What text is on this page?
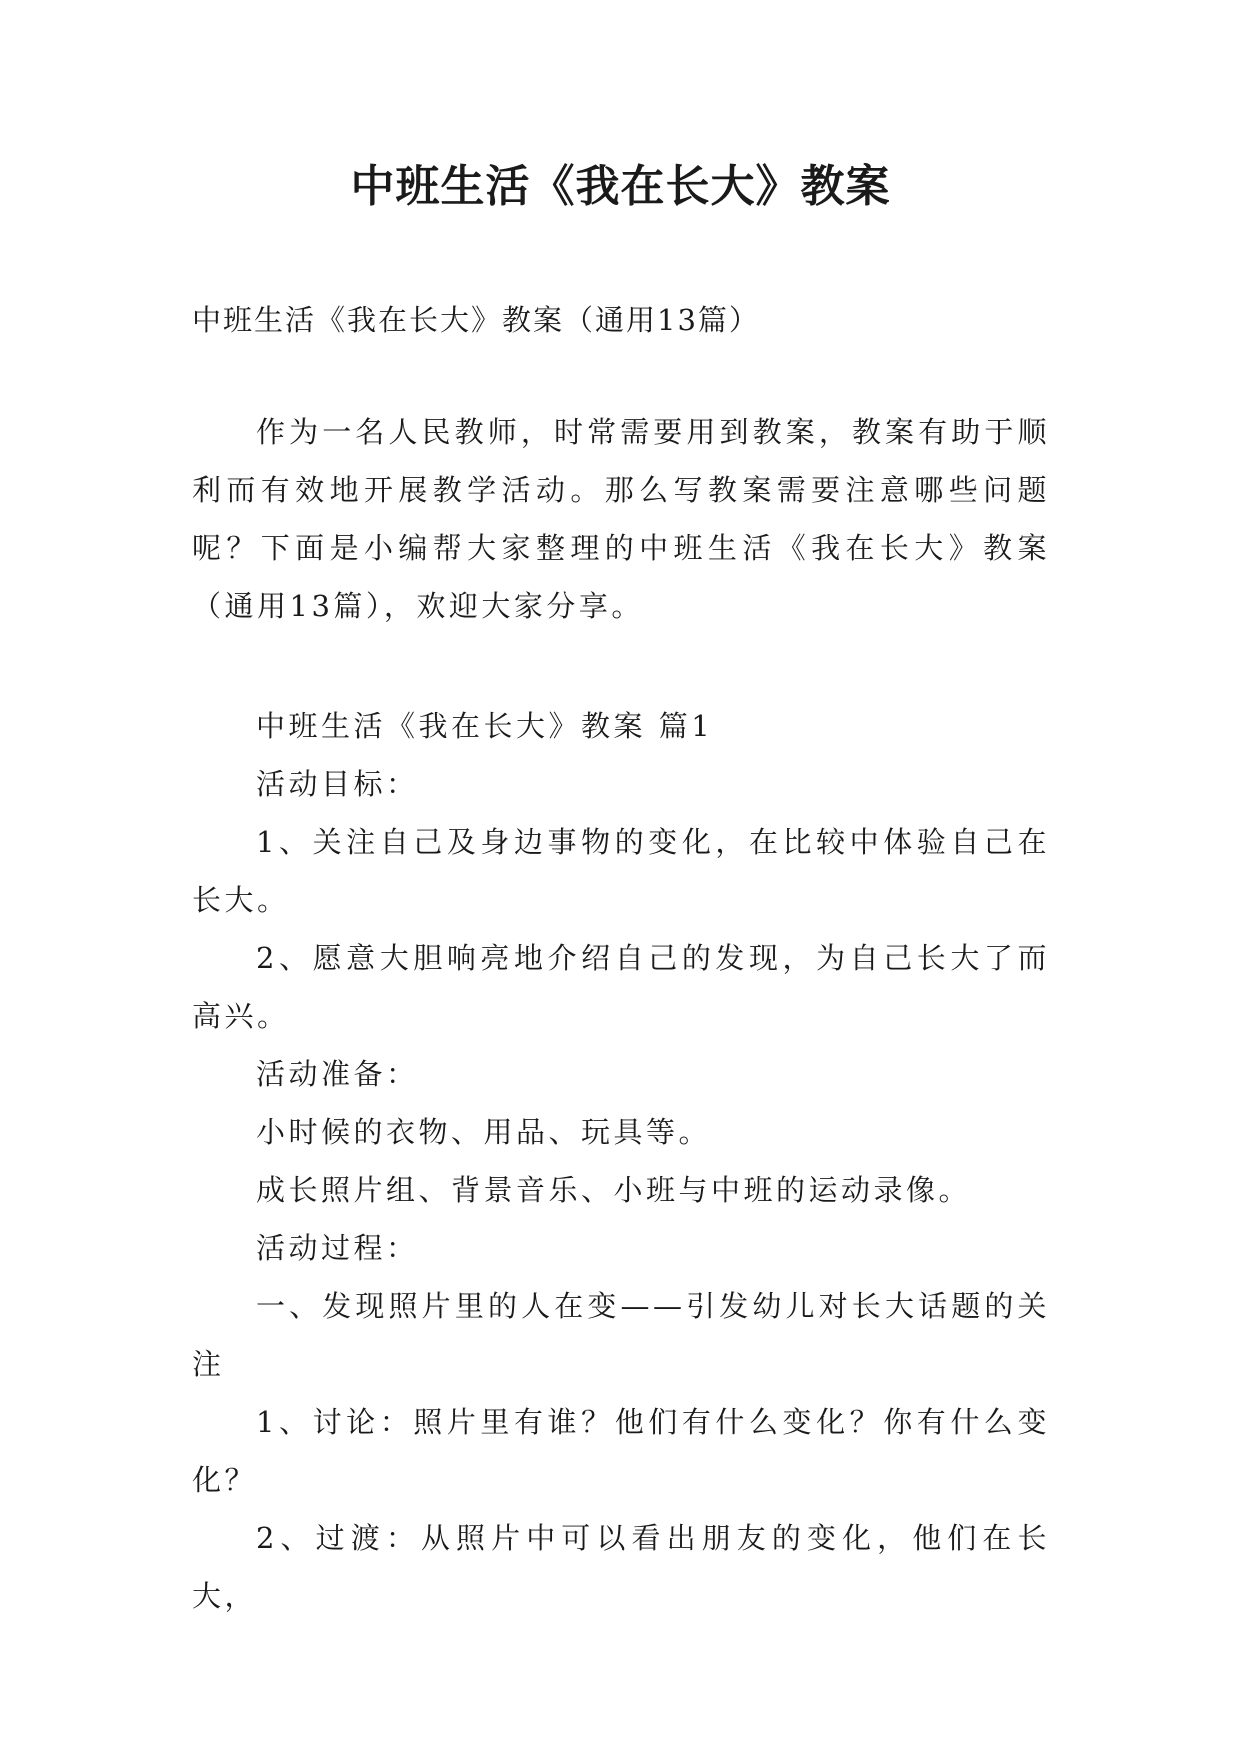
中班生活《我在长大》教案
中班生活《我在长大》教案（通用13篇）

作为一名人民教师，时常需要用到教案，教案有助于顺利而有效地开展教学活动。那么写教案需要注意哪些问题呢？下面是小编帮大家整理的中班生活《我在长大》教案（通用13篇），欢迎大家分享。

中班生活《我在长大》教案 篇1

活动目标：

1、关注自己及身边事物的变化，在比较中体验自己在长大。

2、愿意大胆响亮地介绍自己的发现，为自己长大了而高兴。

活动准备：

小时候的衣物、用品、玩具等。

成长照片组、背景音乐、小班与中班的运动录像。

活动过程：

一、发现照片里的人在变——引发幼儿对长大话题的关注

1、讨论：照片里有谁？他们有什么变化？你有什么变化？

2、过渡：从照片中可以看出朋友的变化，他们在长大，
